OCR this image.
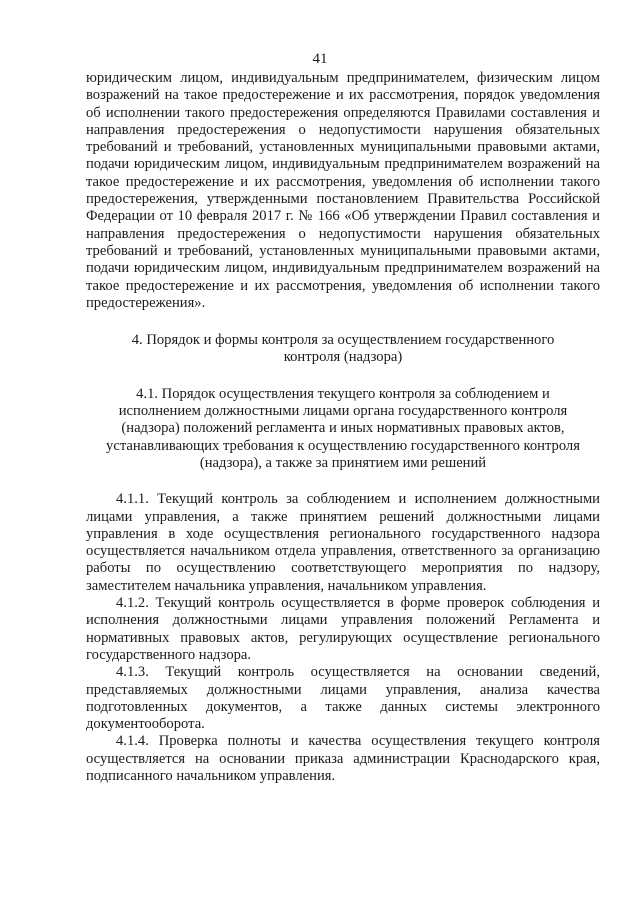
41

юридическим лицом, индивидуальным предпринимателем, физическим лицом возражений на такое предостережение и их рассмотрения, порядок уведомления об исполнении такого предостережения определяются Правилами составления и направления предостережения о недопустимости нарушения обязательных требований и требований, установленных муниципальными правовыми актами, подачи юридическим лицом, индивидуальным предпринимателем возражений на такое предостережение и их рассмотрения, уведомления об исполнении такого предостережения, утвержденными постановлением Правительства Российской Федерации от 10 февраля 2017 г. № 166 «Об утверждении Правил составления и направления предостережения о недопустимости нарушения обязательных требований и требований, установленных муниципальными правовыми актами, подачи юридическим лицом, индивидуальным предпринимателем возражений на такое предостережение и их рассмотрения, уведомления об исполнении такого предостережения».

4. Порядок и формы контроля за осуществлением государственного контроля (надзора)

4.1. Порядок осуществления текущего контроля за соблюдением и исполнением должностными лицами органа государственного контроля (надзора) положений регламента и иных нормативных правовых актов, устанавливающих требования к осуществлению государственного контроля (надзора), а также за принятием ими решений

4.1.1. Текущий контроль за соблюдением и исполнением должностными лицами управления, а также принятием решений должностными лицами управления в ходе осуществления регионального государственного надзора осуществляется начальником отдела управления, ответственного за организацию работы по осуществлению соответствующего мероприятия по надзору, заместителем начальника управления, начальником управления.

4.1.2. Текущий контроль осуществляется в форме проверок соблюдения и исполнения должностными лицами управления положений Регламента и нормативных правовых актов, регулирующих осуществление регионального государственного надзора.

4.1.3. Текущий контроль осуществляется на основании сведений, представляемых должностными лицами управления, анализа качества подготовленных документов, а также данных системы электронного документооборота.

4.1.4. Проверка полноты и качества осуществления текущего контроля осуществляется на основании приказа администрации Краснодарского края, подписанного начальником управления.
